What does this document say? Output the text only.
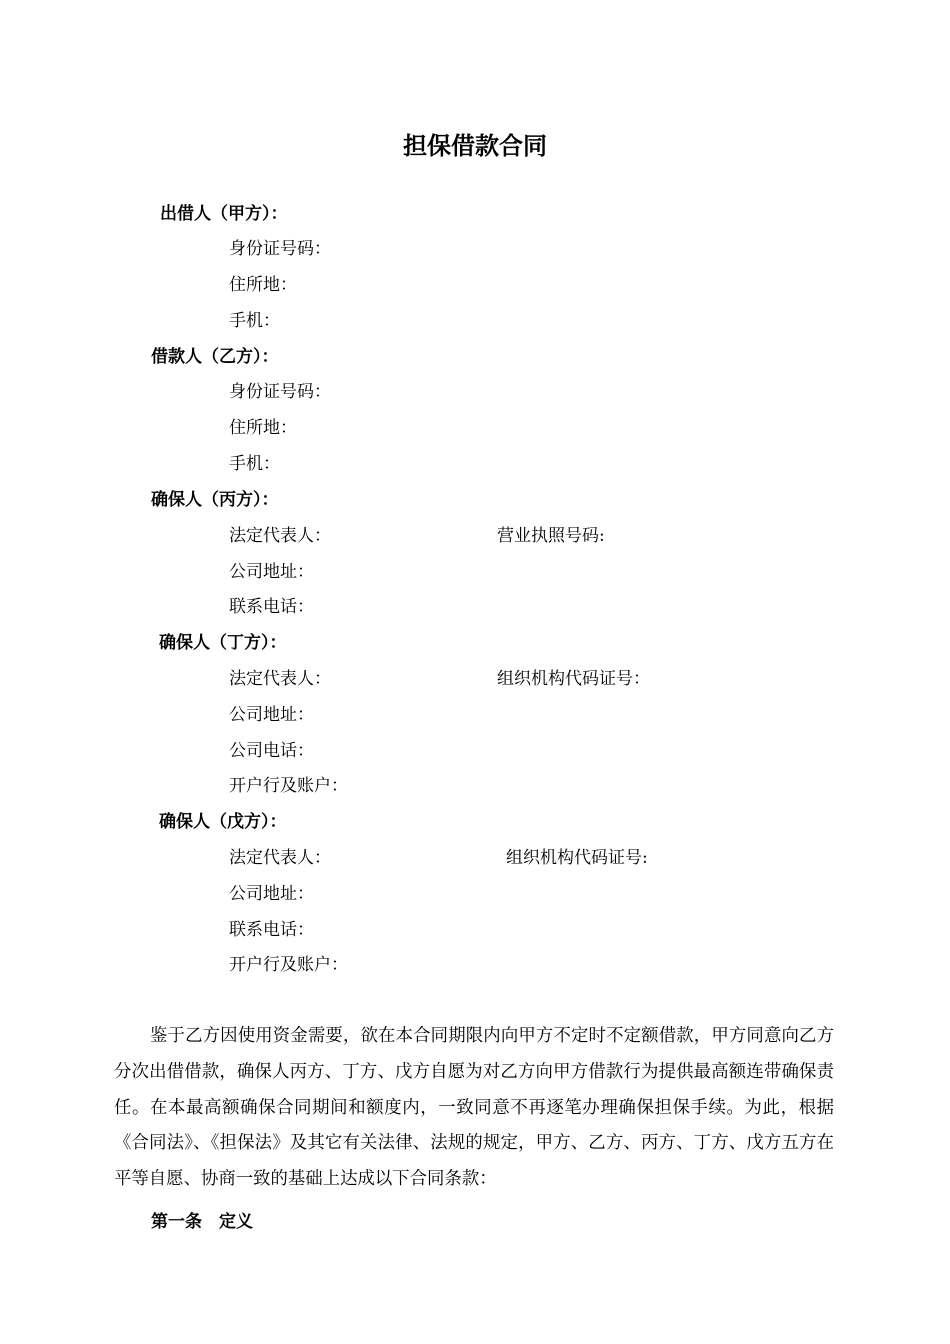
担保借款合同
出借人（甲方）：
身份证号码：
住所地：
手机：
借款人（乙方）：
身份证号码：
住所地：
手机：
确保人（丙方）：
法定代表人：	营业执照号码:
公司地址：
联系电话：
确保人（丁方）：
法定代表人：	组织机构代码证号：
公司地址：
公司电话：
开户行及账户：
确保人（戊方）：
法定代表人：	组织机构代码证号:
公司地址：
联系电话：
开户行及账户：
鉴于乙方因使用资金需要，欲在本合同期限内向甲方不定时不定额借款，甲方同意向乙方分次出借借款，确保人丙方、丁方、戊方自愿为对乙方向甲方借款行为提供最高额连带确保责任。在本最高额确保合同期间和额度内，一致同意不再逐笔办理确保担保手续。为此，根据《合同法》、《担保法》及其它有关法律、法规的规定，甲方、乙方、丙方、丁方、戊方五方在平等自愿、协商一致的基础上达成以下合同条款：
第一条　定义
